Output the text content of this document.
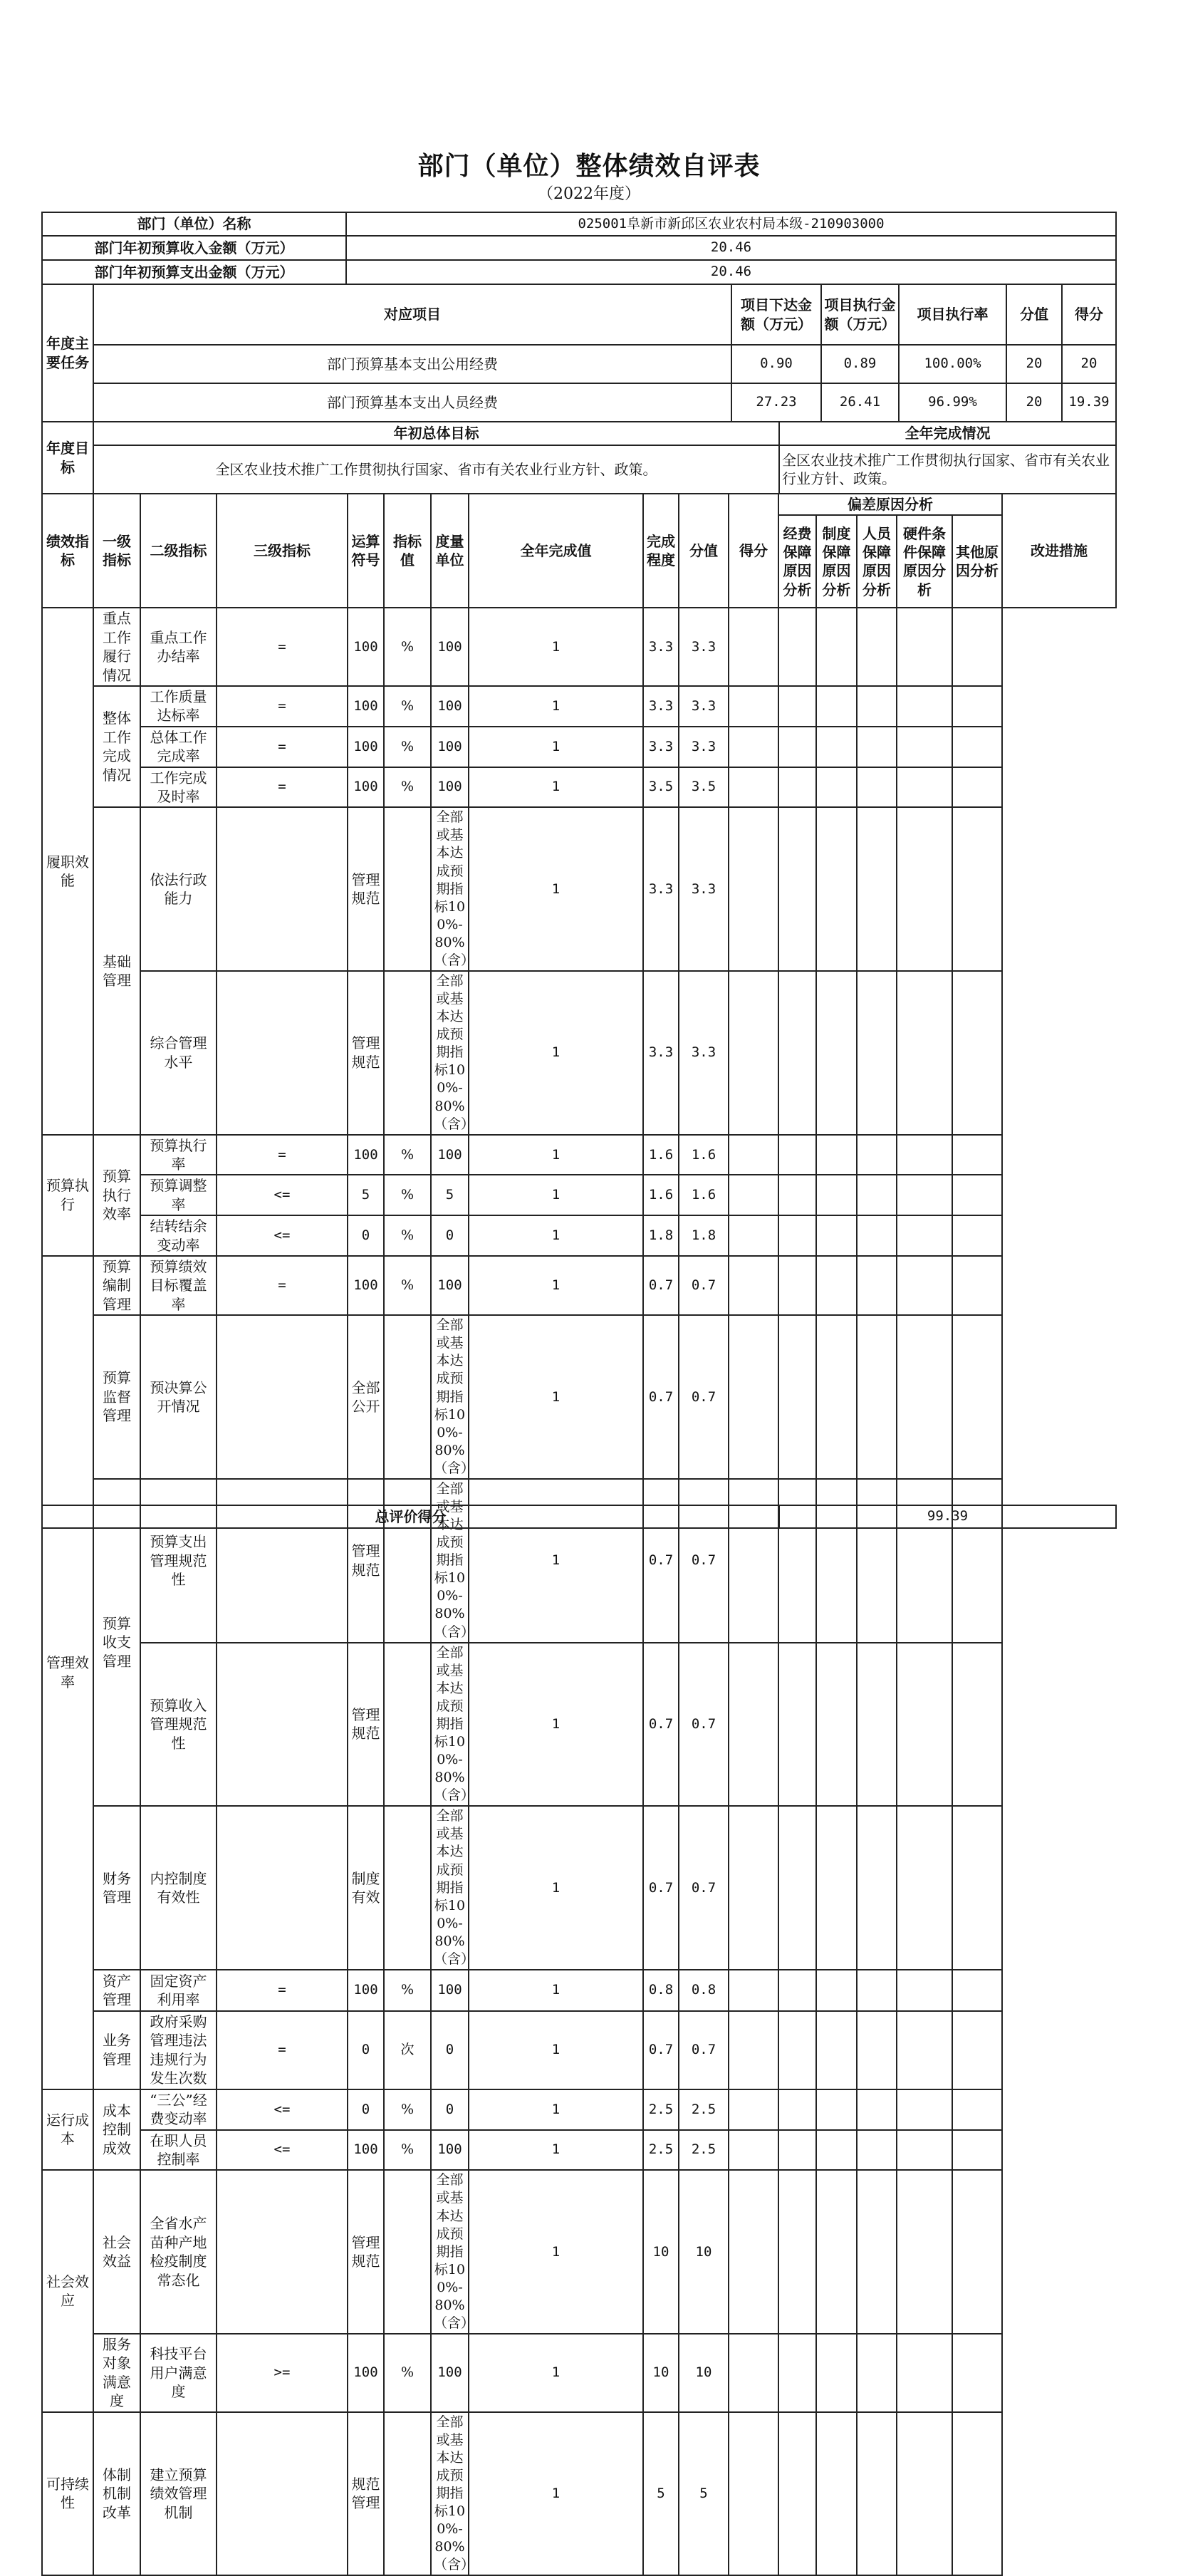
部门（单位）整体绩效自评表
（2022年度）
部门（单位）名称	025001阜新市新邱区农业农村局本级-210903000
部门年初预算收入金额（万元）	20.46
部门年初预算支出金额（万元）	20.46
年度主要任务	对应项目	项目下达金额（万元）	项目执行金额（万元）	项目执行率	分值	得分
	部门预算基本支出公用经费	0.90	0.89	100.00%	20	20
	部门预算基本支出人员经费	27.23	26.41	96.99%	20	19.39
年度目标	年初总体目标	全年完成情况
	全区农业技术推广工作贯彻执行国家、省市有关农业行业方针、政策。	全区农业技术推广工作贯彻执行国家、省市有关农业行业方针、政策。
绩效指标	一级指标	二级指标	三级指标	运算符号	指标值	度量单位	全年完成值	完成程度	分值	得分	偏差原因分析					改进措施
											经费保障原因分析	制度保障原因分析	人员保障原因分析	硬件条件保障原因分析	其他原因分析	
履职效能	重点工作履行情况	重点工作办结率	=	100	%	100	1	3.3	3.3							
	整体工作完成情况	工作质量达标率	=	100	%	100	1	3.3	3.3							
		总体工作完成率	=	100	%	100	1	3.3	3.3							
		工作完成及时率	=	100	%	100	1	3.5	3.5							
	基础管理	依法行政能力		管理规范		全部或基本达成预期指标100%-80%（含）	1	3.3	3.3							
		综合管理水平		管理规范		全部或基本达成预期指标100%-80%（含）	1	3.3	3.3							
预算执行	预算执行效率	预算执行率	=	100	%	100	1	1.6	1.6							
		预算调整率	<=	5	%	5	1	1.6	1.6							
		结转结余变动率	<=	0	%	0	1	1.8	1.8							
管理效率	预算编制管理	预算绩效目标覆盖率	=	100	%	100	1	0.7	0.7							
	预算监督管理	预决算公开情况		全部公开		全部或基本达成预期指标100%-80%（含）	1	0.7	0.7							
	预算收支管理	预算支出管理规范性		管理规范		全部或基本达成预期指标100%-80%（含）	1	0.7	0.7							
		预算收入管理规范性		管理规范		全部或基本达成预期指标100%-80%（含）	1	0.7	0.7							
	财务管理	内控制度有效性		制度有效		全部或基本达成预期指标100%-80%（含）	1	0.7	0.7							
	资产管理	固定资产利用率	=	100	%	100	1	0.8	0.8							
	业务管理	政府采购管理违法违规行为发生次数	=	0	次	0	1	0.7	0.7							
运行成本	成本控制成效	“三公”经费变动率	<=	0	%	0	1	2.5	2.5							
		在职人员控制率	<=	100	%	100	1	2.5	2.5							
社会效应	社会效益	全省水产苗种产地检疫制度常态化		管理规范		全部或基本达成预期指标100%-80%（含）	1	10	10							
	服务对象满意度	科技平台用户满意度	>=	100	%	100	1	10	10							
可持续性	体制机制改革	建立预算绩效管理机制		规范管理		全部或基本达成预期指标100%-80%（含）	1	5	5							
总评价得分	99.39
